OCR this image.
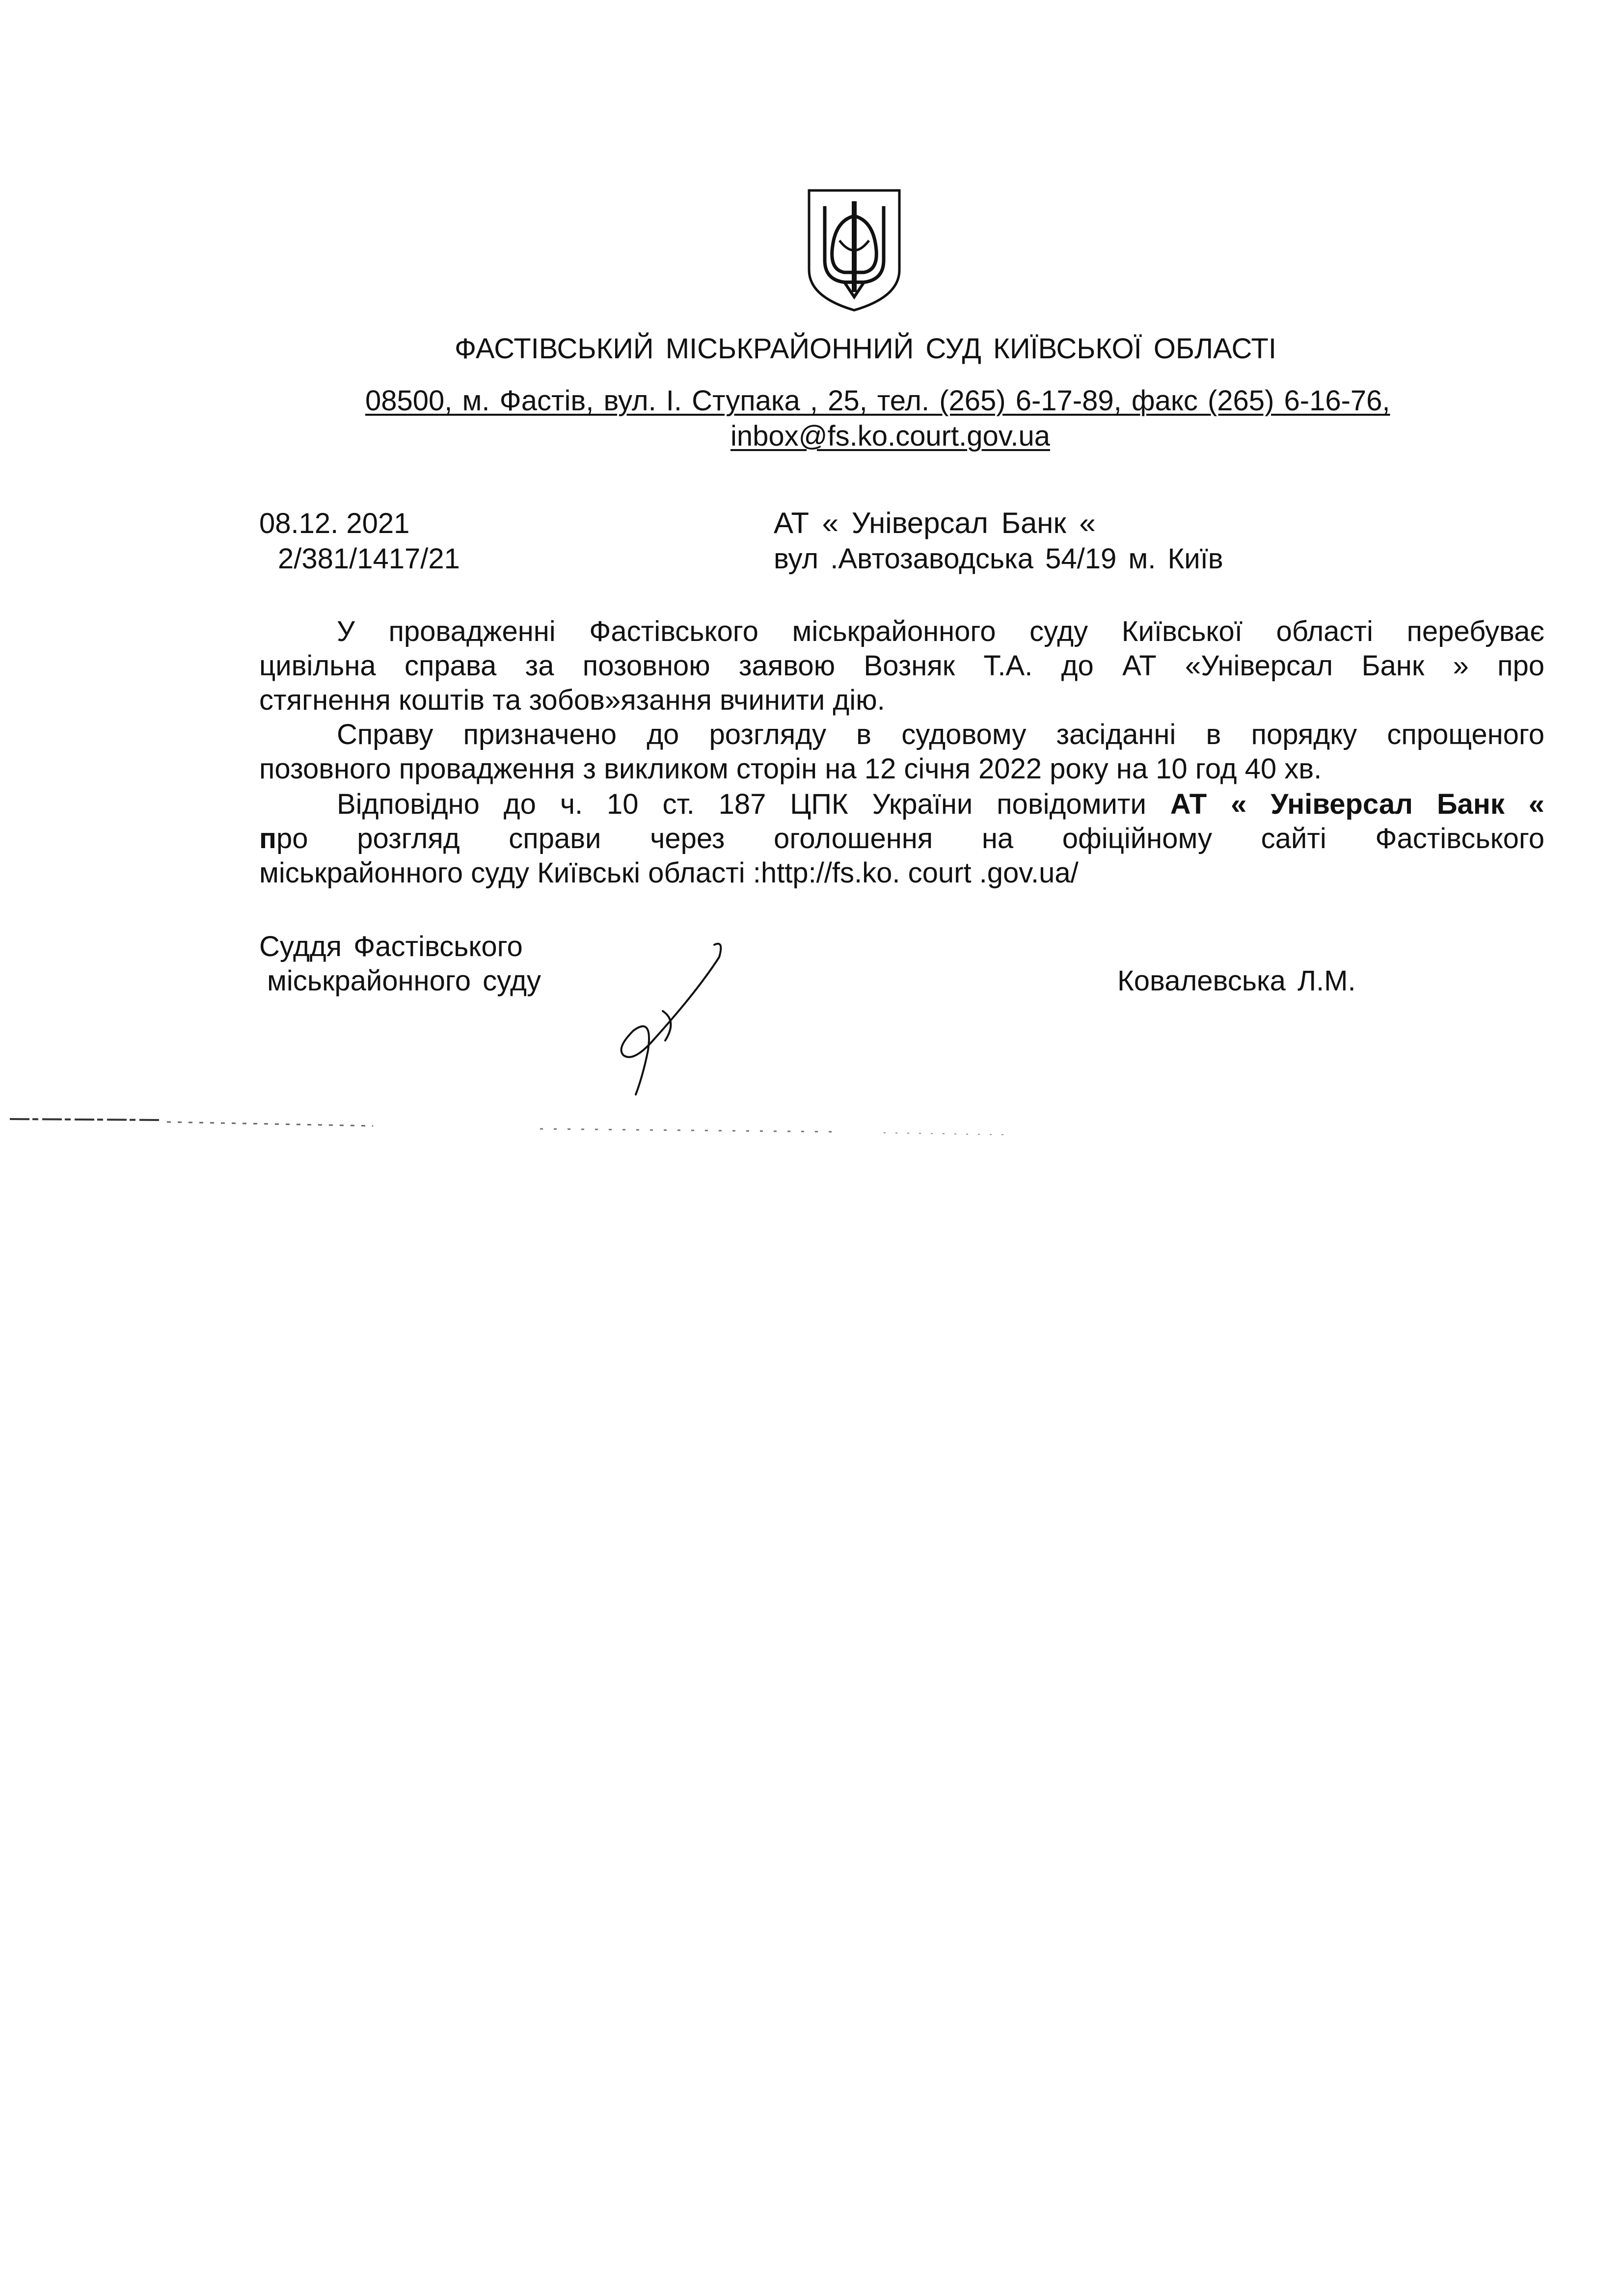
ФАСТІВСЬКИЙ МІСЬКРАЙОННИЙ СУД КИЇВСЬКОЇ ОБЛАСТІ
08500, м. Фастів, вул. І. Ступака , 25, тел. (265) 6-17-89, факс (265) 6-16-76,
inbox@fs.ko.court.gov.ua
08.12. 2021
2/381/1417/21
АТ « Універсал Банк «
вул .Автозаводська 54/19 м. Київ
У провадженні Фастівського міськрайонного суду Київської області перебуває
цивільна справа за позовною заявою Возняк Т.А. до АТ «Універсал Банк » про
стягнення коштів та зобов»язання вчинити дію.
Справу призначено до розгляду в судовому засіданні в порядку спрощеного
позовного провадження з викликом сторін на 12 січня 2022 року на 10 год 40 хв.
Відповідно до ч. 10 ст. 187 ЦПК України повідомити АТ « Універсал Банк «
про розгляд справи через оголошення на офіційному сайті Фастівського
міськрайонного суду Київські області :http://fs.ko. court .gov.ua/
Суддя Фастівського
міськрайонного суду	Ковалевська Л.М.
